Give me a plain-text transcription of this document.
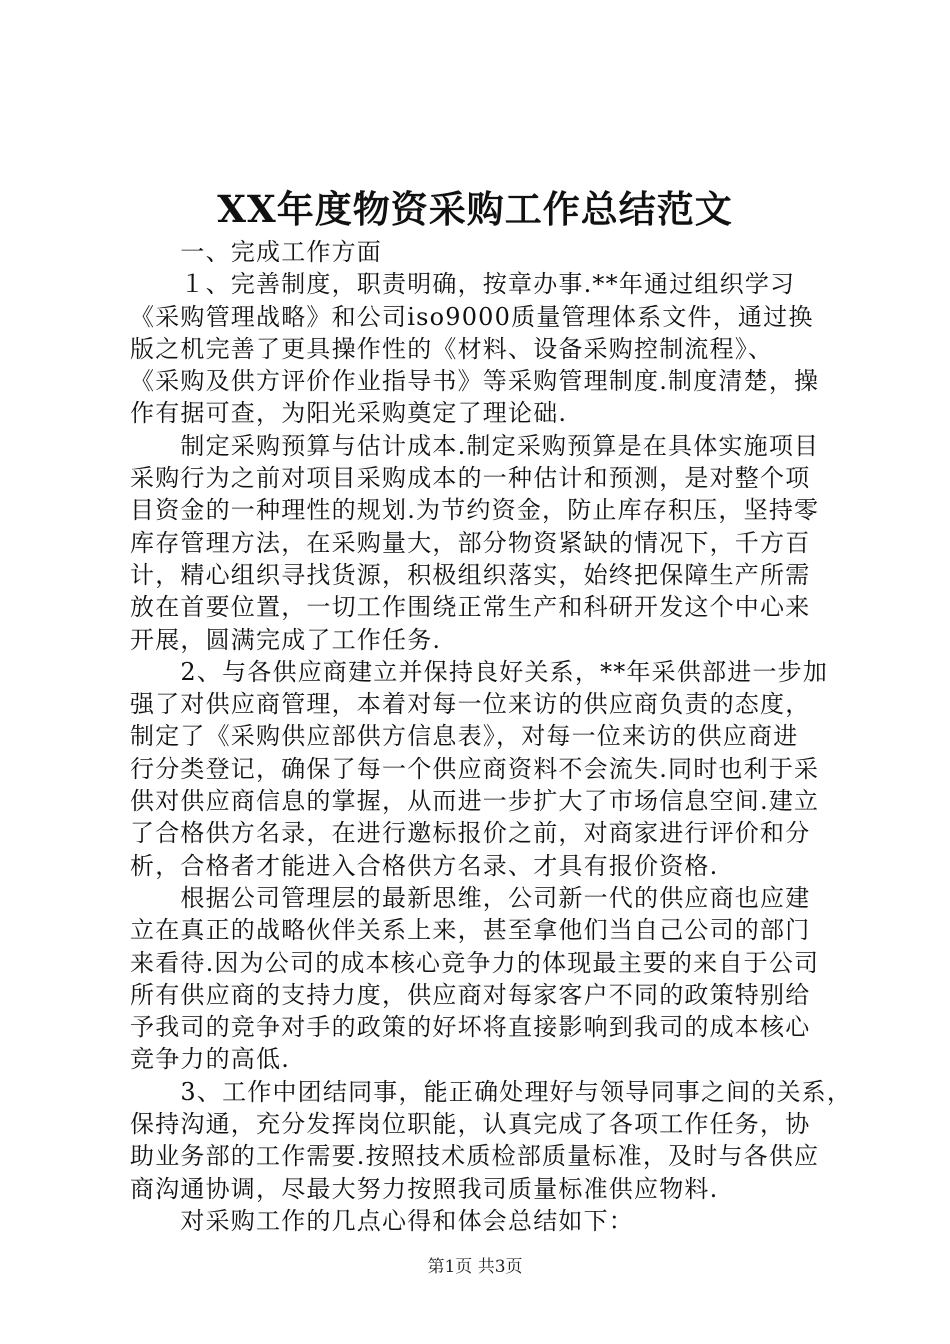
XX年度物资采购工作总结范文
　　一、完成工作方面
　　１、完善制度，职责明确，按章办事.**年通过组织学习
《采购管理战略》和公司iso9000质量管理体系文件，通过换
版之机完善了更具操作性的《材料、设备采购控制流程》、
《采购及供方评价作业指导书》等采购管理制度.制度清楚，操
作有据可查，为阳光采购奠定了理论础.
　　制定采购预算与估计成本.制定采购预算是在具体实施项目
采购行为之前对项目采购成本的一种估计和预测，是对整个项
目资金的一种理性的规划.为节约资金，防止库存积压，坚持零
库存管理方法，在采购量大，部分物资紧缺的情况下，千方百
计，精心组织寻找货源，积极组织落实，始终把保障生产所需
放在首要位置，一切工作围绕正常生产和科研开发这个中心来
开展，圆满完成了工作任务.
　　2、与各供应商建立并保持良好关系，**年采供部进一步加
强了对供应商管理，本着对每一位来访的供应商负责的态度，
制定了《采购供应部供方信息表》，对每一位来访的供应商进
行分类登记，确保了每一个供应商资料不会流失.同时也利于采
供对供应商信息的掌握，从而进一步扩大了市场信息空间.建立
了合格供方名录，在进行邀标报价之前，对商家进行评价和分
析，合格者才能进入合格供方名录、才具有报价资格.
　　根据公司管理层的最新思维，公司新一代的供应商也应建
立在真正的战略伙伴关系上来，甚至拿他们当自己公司的部门
来看待.因为公司的成本核心竞争力的体现最主要的来自于公司
所有供应商的支持力度，供应商对每家客户不同的政策特别给
予我司的竞争对手的政策的好坏将直接影响到我司的成本核心
竞争力的高低.
　　3、工作中团结同事，能正确处理好与领导同事之间的关系，
保持沟通，充分发挥岗位职能，认真完成了各项工作任务，协
助业务部的工作需要.按照技术质检部质量标准，及时与各供应
商沟通协调，尽最大努力按照我司质量标准供应物料.
　　对采购工作的几点心得和体会总结如下：
第1页 共3页
